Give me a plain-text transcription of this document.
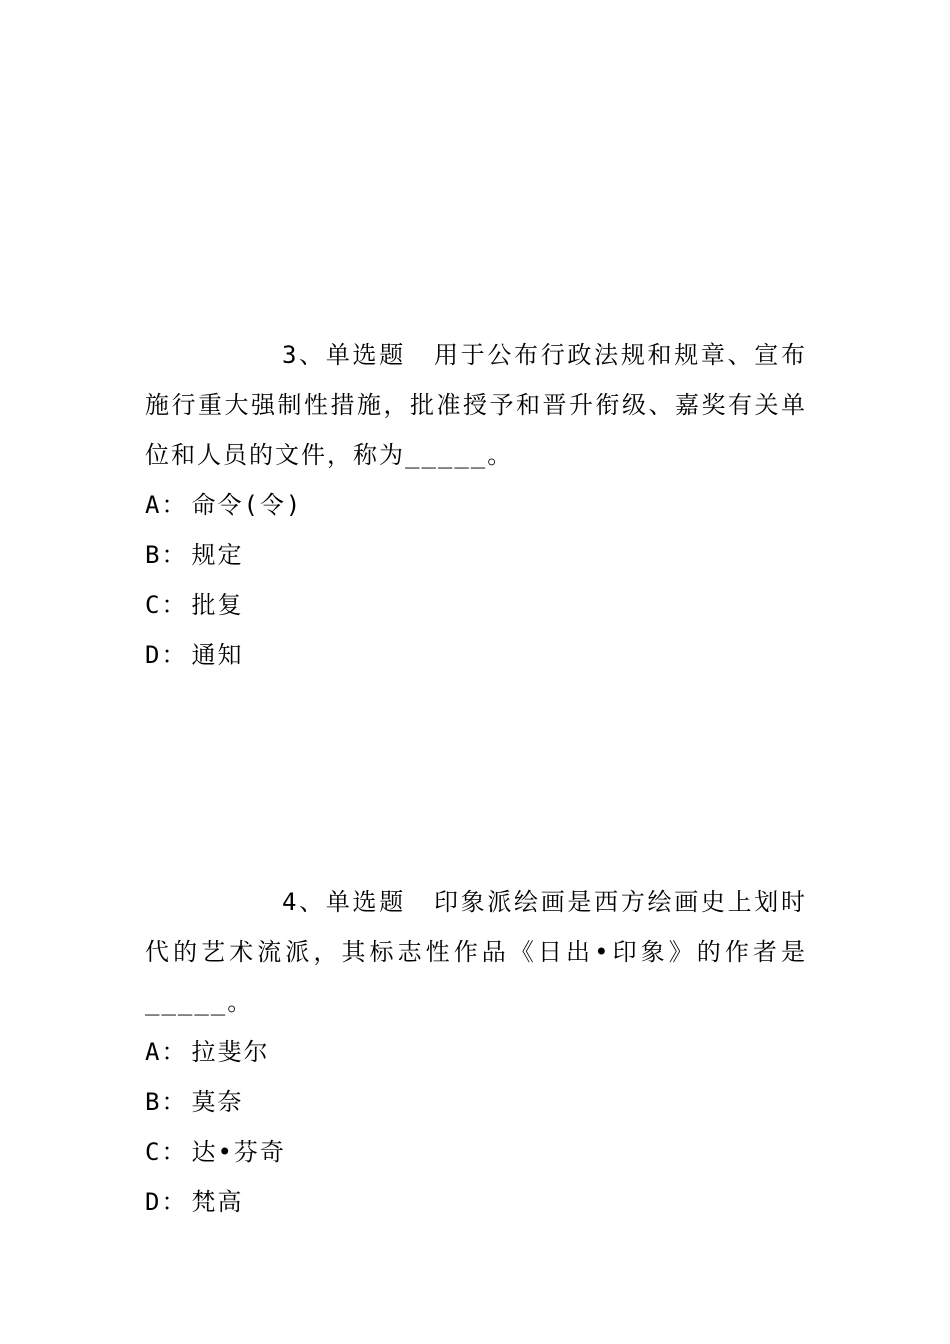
3、单选题 用于公布行政法规和规章、宣布施行重大强制性措施，批准授予和晋升衔级、嘉奖有关单位和人员的文件，称为_____。

A： 命令(令)
B： 规定
C： 批复
D： 通知

4、单选题 印象派绘画是西方绘画史上划时代的艺术流派，其标志性作品《日出•印象》的作者是_____。

A： 拉斐尔
B： 莫奈
C： 达•芬奇
D： 梵高
